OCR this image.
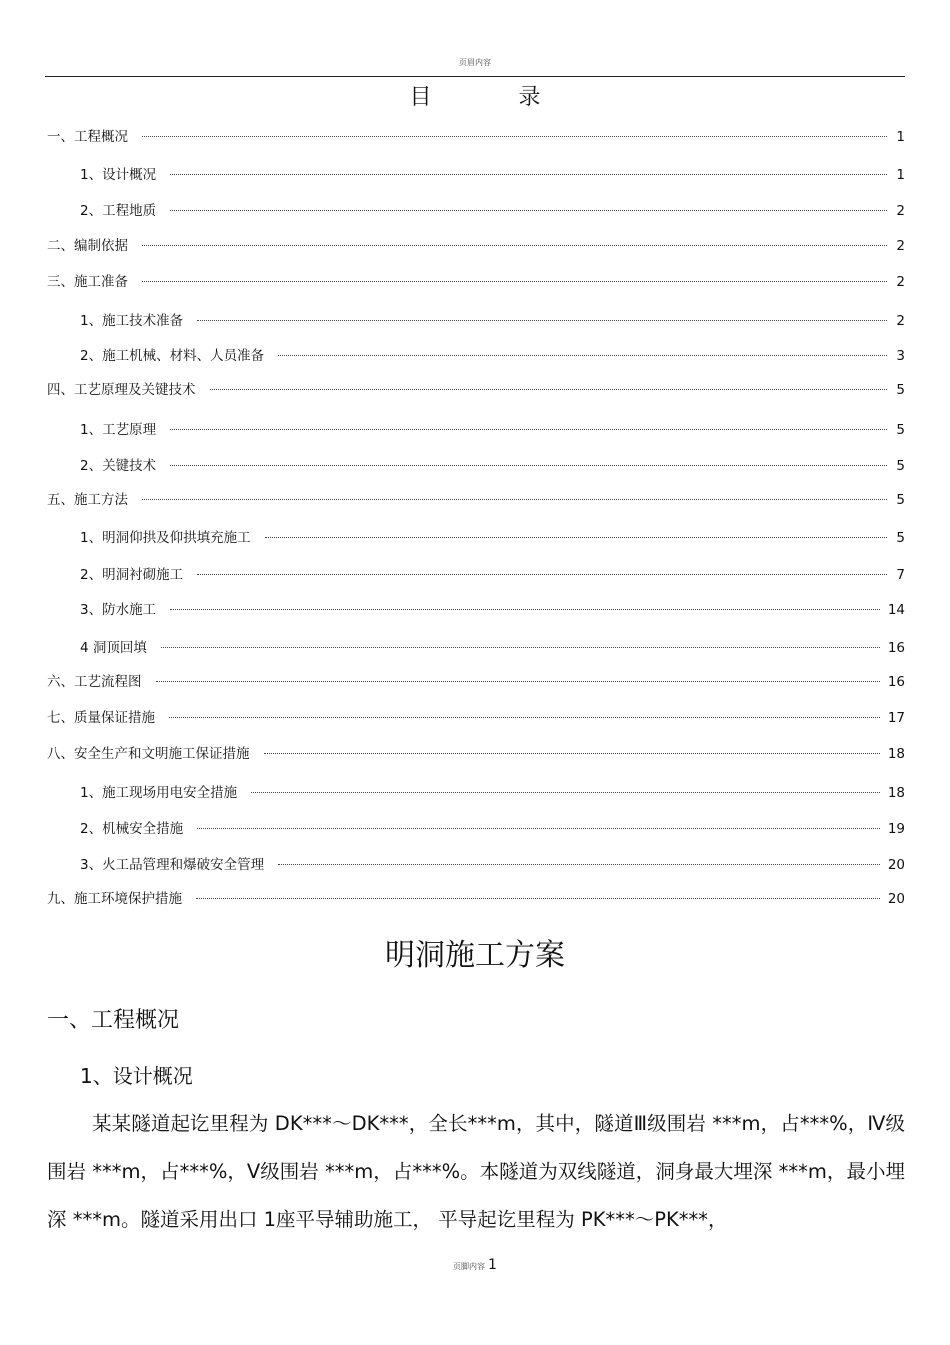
页眉内容
目 录
一、工程概况	1
1、设计概况	1
2、工程地质	2
二、编制依据	2
三、施工准备	2
1、施工技术准备	2
2、施工机械、材料、人员准备	3
四、工艺原理及关键技术	5
1、工艺原理	5
2、关键技术	5
五、施工方法	5
1、明洞仰拱及仰拱填充施工	5
2、明洞衬砌施工	7
3、防水施工	14
4 洞顶回填	16
六、工艺流程图	16
七、质量保证措施	17
八、安全生产和文明施工保证措施	18
1、施工现场用电安全措施	18
2、机械安全措施	19
3、火工品管理和爆破安全管理	20
九、施工环境保护措施	20
明洞施工方案
一、工程概况
1、设计概况
某某隧道起讫里程为 DK***～DK***，全长***m，其中，隧道Ⅲ级围岩 ***m，占***%，Ⅳ级围岩 ***m，占***%，Ⅴ级围岩 ***m，占***%。本隧道为双线隧道，洞身最大埋深 ***m，最小埋深 ***m。隧道采用出口 1座平导辅助施工， 平导起讫里程为 PK***～PK***，
页脚内容 1
